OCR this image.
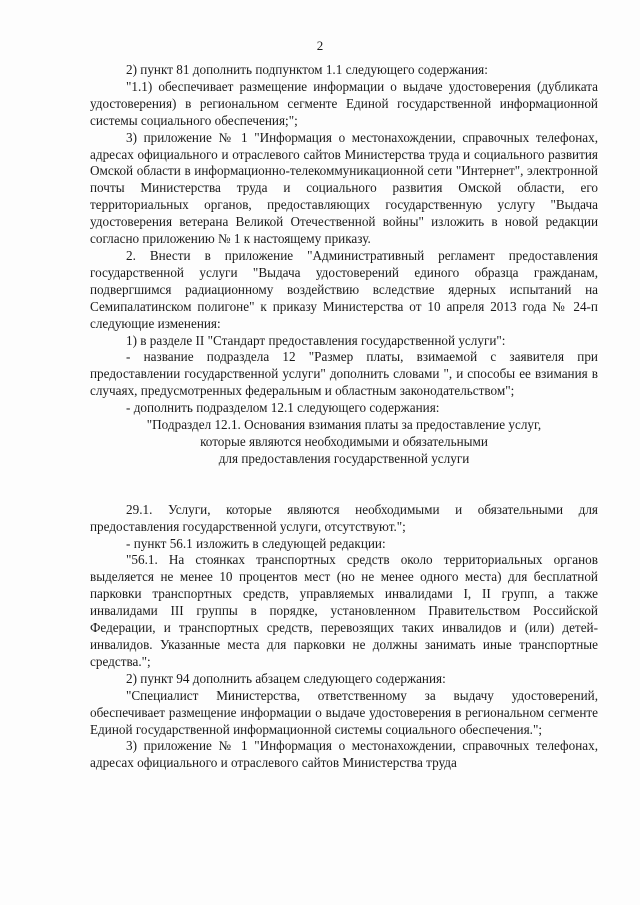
2

2) пункт 81 дополнить подпунктом 1.1 следующего содержания:

"1.1) обеспечивает размещение информации о выдаче удостоверения (дубликата удостоверения) в региональном сегменте Единой государственной информационной системы социального обеспечения;";

3) приложение № 1 "Информация о местонахождении, справочных телефонах, адресах официального и отраслевого сайтов Министерства труда и социального развития Омской области в информационно-телекоммуникационной сети "Интернет", электронной почты Министерства труда и социального развития Омской области, его территориальных органов, предоставляющих государственную услугу "Выдача удостоверения ветерана Великой Отечественной войны" изложить в новой редакции согласно приложению № 1 к настоящему приказу.

2. Внести в приложение "Административный регламент предоставления государственной услуги "Выдача удостоверений единого образца гражданам, подвергшимся радиационному воздействию вследствие ядерных испытаний на Семипалатинском полигоне" к приказу Министерства от 10 апреля 2013 года № 24-п следующие изменения:

1) в разделе II "Стандарт предоставления государственной услуги":

- название подраздела 12 "Размер платы, взимаемой с заявителя при предоставлении государственной услуги" дополнить словами ", и способы ее взимания в случаях, предусмотренных федеральным и областным законодательством";

- дополнить подразделом 12.1 следующего содержания:

"Подраздел 12.1. Основания взимания платы за предоставление услуг,

которые являются необходимыми и обязательными

для предоставления государственной услуги

29.1. Услуги, которые являются необходимыми и обязательными для предоставления государственной услуги, отсутствуют.";

- пункт 56.1 изложить в следующей редакции:

"56.1. На стоянках транспортных средств около территориальных органов выделяется не менее 10 процентов мест (но не менее одного места) для бесплатной парковки транспортных средств, управляемых инвалидами I, II групп, а также инвалидами III группы в порядке, установленном Правительством Российской Федерации, и транспортных средств, перевозящих таких инвалидов и (или) детей-инвалидов. Указанные места для парковки не должны занимать иные транспортные средства.";

2) пункт 94 дополнить абзацем следующего содержания:

"Специалист Министерства, ответственному за выдачу удостоверений, обеспечивает размещение информации о выдаче удостоверения в региональном сегменте Единой государственной информационной системы социального обеспечения.";

3) приложение № 1 "Информация о местонахождении, справочных телефонах, адресах официального и отраслевого сайтов Министерства труда
